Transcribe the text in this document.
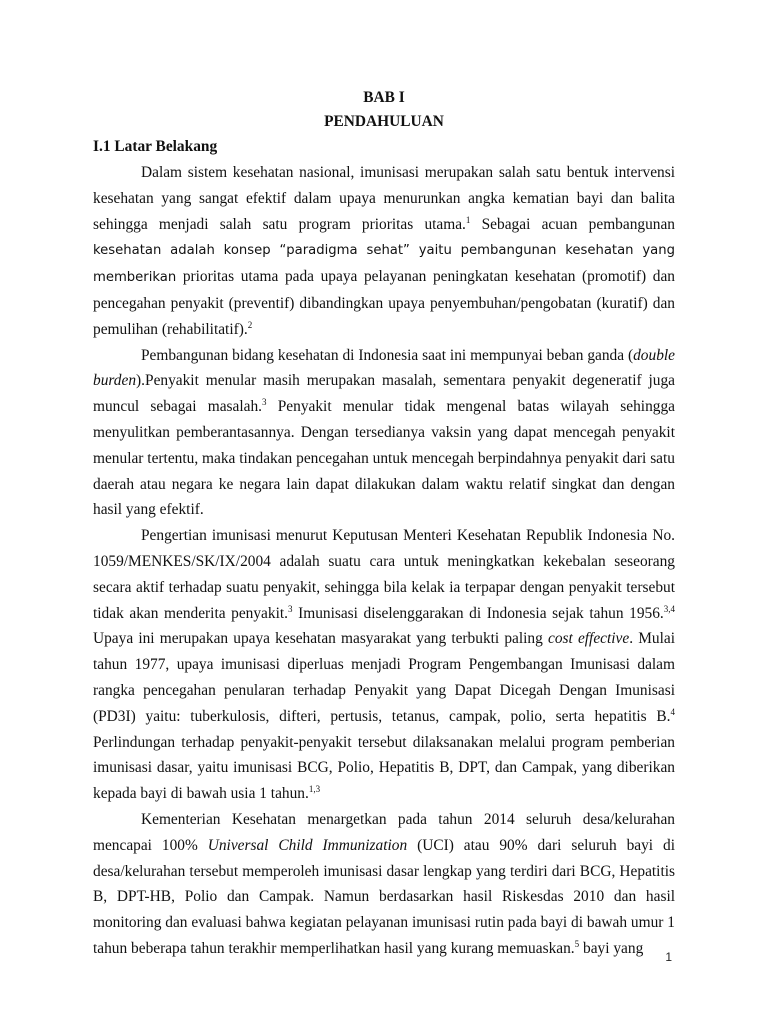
BAB I

PENDAHULUAN

I.1 Latar Belakang

Dalam sistem kesehatan nasional, imunisasi merupakan salah satu bentuk intervensi kesehatan yang sangat efektif dalam upaya menurunkan angka kematian bayi dan balita sehingga menjadi salah satu program prioritas utama.$^1$ Sebagai acuan pembangunan kesehatan adalah konsep “paradigma sehat” yaitu pembangunan kesehatan yang memberikan prioritas utama pada upaya pelayanan peningkatan kesehatan (promotif) dan pencegahan penyakit (preventif) dibandingkan upaya penyembuhan/pengobatan (kuratif) dan pemulihan (rehabilitatif).$^2$

Pembangunan bidang kesehatan di Indonesia saat ini mempunyai beban ganda (double burden).Penyakit menular masih merupakan masalah, sementara penyakit degeneratif juga muncul sebagai masalah.$^3$ Penyakit menular tidak mengenal batas wilayah sehingga menyulitkan pemberantasannya. Dengan tersedianya vaksin yang dapat mencegah penyakit menular tertentu, maka tindakan pencegahan untuk mencegah berpindahnya penyakit dari satu daerah atau negara ke negara lain dapat dilakukan dalam waktu relatif singkat dan dengan hasil yang efektif.

Pengertian imunisasi menurut Keputusan Menteri Kesehatan Republik Indonesia No. 1059/MENKES/SK/IX/2004 adalah suatu cara untuk meningkatkan kekebalan seseorang secara aktif terhadap suatu penyakit, sehingga bila kelak ia terpapar dengan penyakit tersebut tidak akan menderita penyakit.$^3$ Imunisasi diselenggarakan di Indonesia sejak tahun 1956.$^{3,4}$ Upaya ini merupakan upaya kesehatan masyarakat yang terbukti paling cost effective. Mulai tahun 1977, upaya imunisasi diperluas menjadi Program Pengembangan Imunisasi dalam rangka pencegahan penularan terhadap Penyakit yang Dapat Dicegah Dengan Imunisasi (PD3I) yaitu: tuberkulosis, difteri, pertusis, tetanus, campak, polio, serta hepatitis B.$^4$ Perlindungan terhadap penyakit-penyakit tersebut dilaksanakan melalui program pemberian imunisasi dasar, yaitu imunisasi BCG, Polio, Hepatitis B, DPT, dan Campak, yang diberikan kepada bayi di bawah usia 1 tahun.$^{1,3}$

Kementerian Kesehatan menargetkan pada tahun 2014 seluruh desa/kelurahan mencapai 100% Universal Child Immunization (UCI) atau 90% dari seluruh bayi di desa/kelurahan tersebut memperoleh imunisasi dasar lengkap yang terdiri dari BCG, Hepatitis B, DPT-HB, Polio dan Campak. Namun berdasarkan hasil Riskesdas 2010 dan hasil monitoring dan evaluasi bahwa kegiatan pelayanan imunisasi rutin pada bayi di bawah umur 1 tahun beberapa tahun terakhir memperlihatkan hasil yang kurang memuaskan.$^5$ bayi yang

1
